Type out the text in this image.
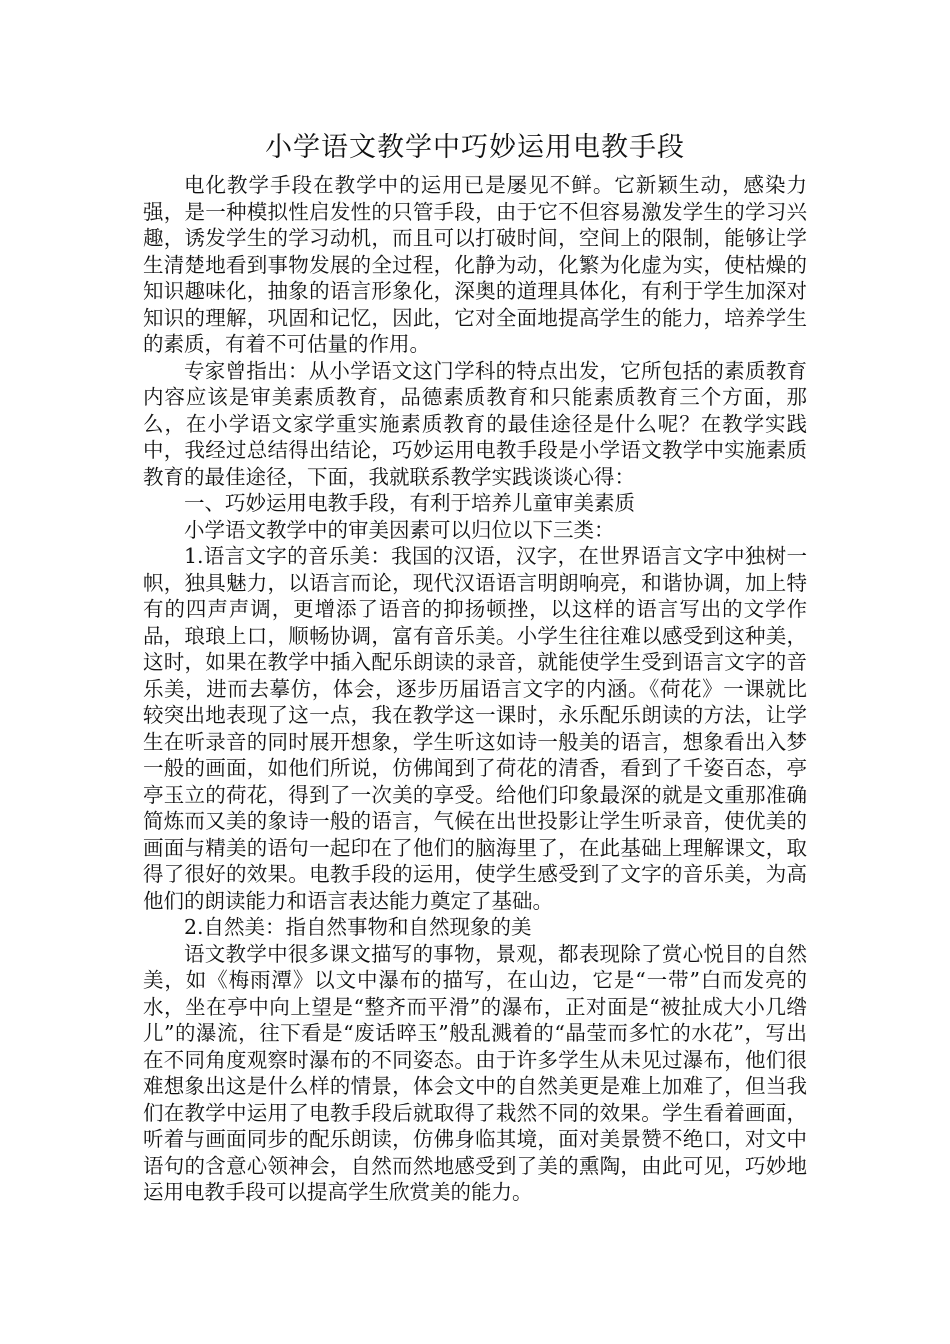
小学语文教学中巧妙运用电教手段

电化教学手段在教学中的运用已是屡见不鲜。它新颖生动，感染力强，是一种模拟性启发性的只管手段，由于它不但容易激发学生的学习兴趣，诱发学生的学习动机，而且可以打破时间，空间上的限制，能够让学生清楚地看到事物发展的全过程，化静为动，化繁为化虚为实，使枯燥的知识趣味化，抽象的语言形象化，深奥的道理具体化，有利于学生加深对知识的理解，巩固和记忆，因此，它对全面地提高学生的能力，培养学生的素质，有着不可估量的作用。

专家曾指出：从小学语文这门学科的特点出发，它所包括的素质教育内容应该是审美素质教育，品德素质教育和只能素质教育三个方面，那么，在小学语文家学重实施素质教育的最佳途径是什么呢？在教学实践中，我经过总结得出结论，巧妙运用电教手段是小学语文教学中实施素质教育的最佳途径，下面，我就联系教学实践谈谈心得：

一、巧妙运用电教手段，有利于培养儿童审美素质

小学语文教学中的审美因素可以归位以下三类：

1.语言文字的音乐美：我国的汉语，汉字，在世界语言文字中独树一帜，独具魅力，以语言而论，现代汉语语言明朗响亮，和谐协调，加上特有的四声声调，更增添了语音的抑扬顿挫，以这样的语言写出的文学作品，琅琅上口，顺畅协调，富有音乐美。小学生往往难以感受到这种美，这时，如果在教学中插入配乐朗读的录音，就能使学生受到语言文字的音乐美，进而去摹仿，体会，逐步历届语言文字的内涵。《荷花》一课就比较突出地表现了这一点，我在教学这一课时，永乐配乐朗读的方法，让学生在听录音的同时展开想象，学生听这如诗一般美的语言，想象看出入梦一般的画面，如他们所说，仿佛闻到了荷花的清香，看到了千姿百态，亭亭玉立的荷花，得到了一次美的享受。给他们印象最深的就是文重那准确简炼而又美的象诗一般的语言，气候在出世投影让学生听录音，使优美的画面与精美的语句一起印在了他们的脑海里了，在此基础上理解课文，取得了很好的效果。电教手段的运用，使学生感受到了文字的音乐美，为高他们的朗读能力和语言表达能力奠定了基础。

2.自然美：指自然事物和自然现象的美

语文教学中很多课文描写的事物，景观，都表现除了赏心悦目的自然美，如《梅雨潭》以文中瀑布的描写，在山边，它是“一带”白而发亮的水，坐在亭中向上望是“整齐而平滑”的瀑布，正对面是“被扯成大小几绺儿”的瀑流，往下看是“废话晬玉”般乱溅着的“晶莹而多忙的水花”，写出在不同角度观察时瀑布的不同姿态。由于许多学生从未见过瀑布，他们很难想象出这是什么样的情景，体会文中的自然美更是难上加难了，但当我们在教学中运用了电教手段后就取得了栽然不同的效果。学生看着画面，听着与画面同步的配乐朗读，仿佛身临其境，面对美景赞不绝口，对文中语句的含意心领神会，自然而然地感受到了美的熏陶，由此可见，巧妙地运用电教手段可以提高学生欣赏美的能力。
